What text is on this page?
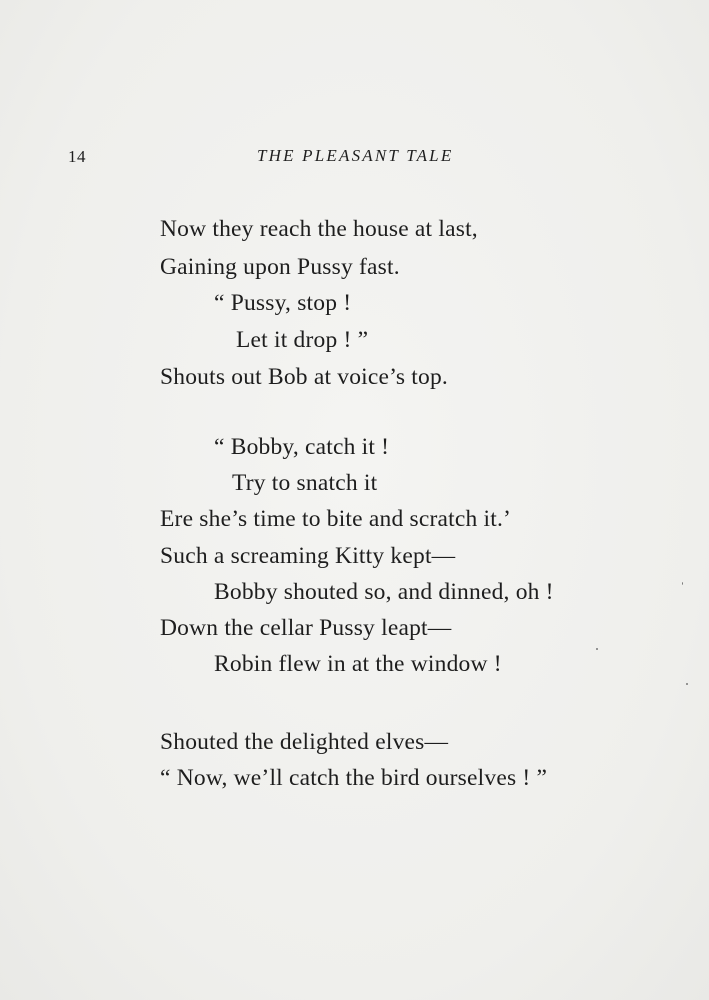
14	THE PLEASANT TALE
Now they reach the house at last,
Gaining upon Pussy fast.
“ Pussy, stop !
Let it drop ! ”
Shouts out Bob at voice’s top.
“ Bobby, catch it !
Try to snatch it
Ere she’s time to bite and scratch it.’
Such a screaming Kitty kept—
Bobby shouted so, and dinned, oh !
Down the cellar Pussy leapt—
Robin flew in at the window !
Shouted the delighted elves—
“ Now, we’ll catch the bird ourselves ! ”
